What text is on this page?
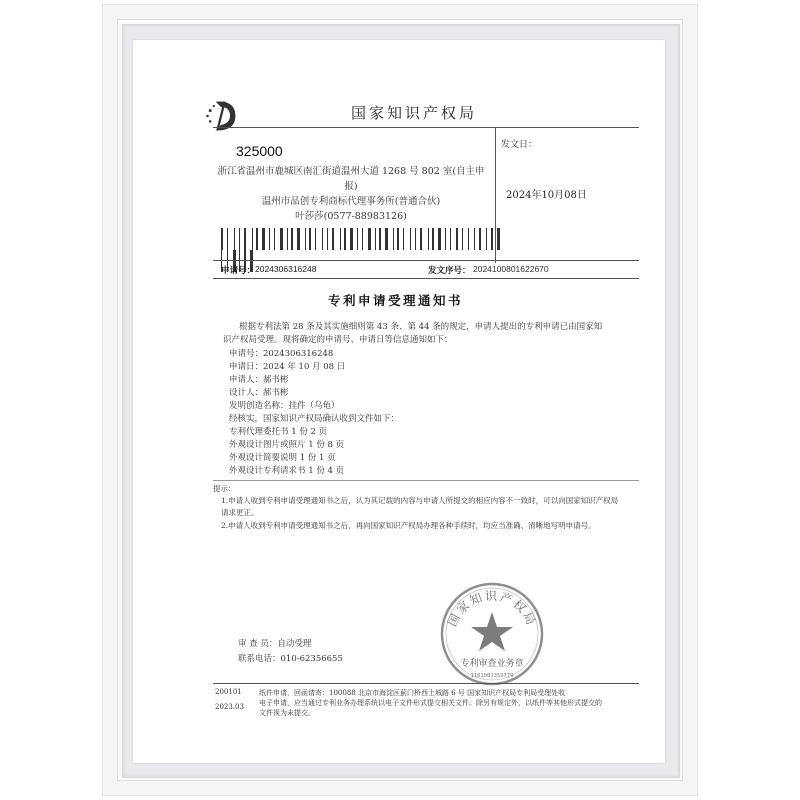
国家知识产权局
325000
浙江省温州市鹿城区南汇街道温州大道 1268 号 802 室(自主申报)
温州市品创专利商标代理事务所(普通合伙)
叶莎莎(0577-88983126)
发文日：
2024年10月08日
申请号： 2024306316248	发文序号： 2024100801622670
专利申请受理通知书
根据专利法第 28 条及其实施细则第 43 条、第 44 条的规定，申请人提出的专利申请已由国家知识产权局受理。现将确定的申请号、申请日等信息通知如下：
申请号：2024306316248
申请日：2024 年 10 月 08 日
申请人：郝书彬
设计人：郝书彬
发明创造名称：挂件（乌龟）
经核实，国家知识产权局确认收到文件如下：
专利代理委托书 1 份 2 页
外观设计图片或照片 1 份 8 页
外观设计简要说明 1 份 1 页
外观设计专利请求书 1 份 4 页
提示：
1.申请人收到专利申请受理通知书之后，认为其记载的内容与申请人所提交的相应内容不一致时，可以向国家知识产权局请求更正。
2.申请人收到专利申请受理通知书之后，再向国家知识产权局办理各种手续时，均应当准确、清晰地写明申请号。
国家知识产权局
专利审查业务章
1101081359779
审 查 员：自动受理
联系电话：010-62356655
200101
2023.03
纸件申请，回函请寄：100088 北京市海淀区蓟门桥西土城路 6 号 国家知识产权局专利局受理处收
电子申请，应当通过专利业务办理系统以电子文件形式提交相关文件。除另有规定外，以纸件等其他形式提交的
文件视为未提交。
